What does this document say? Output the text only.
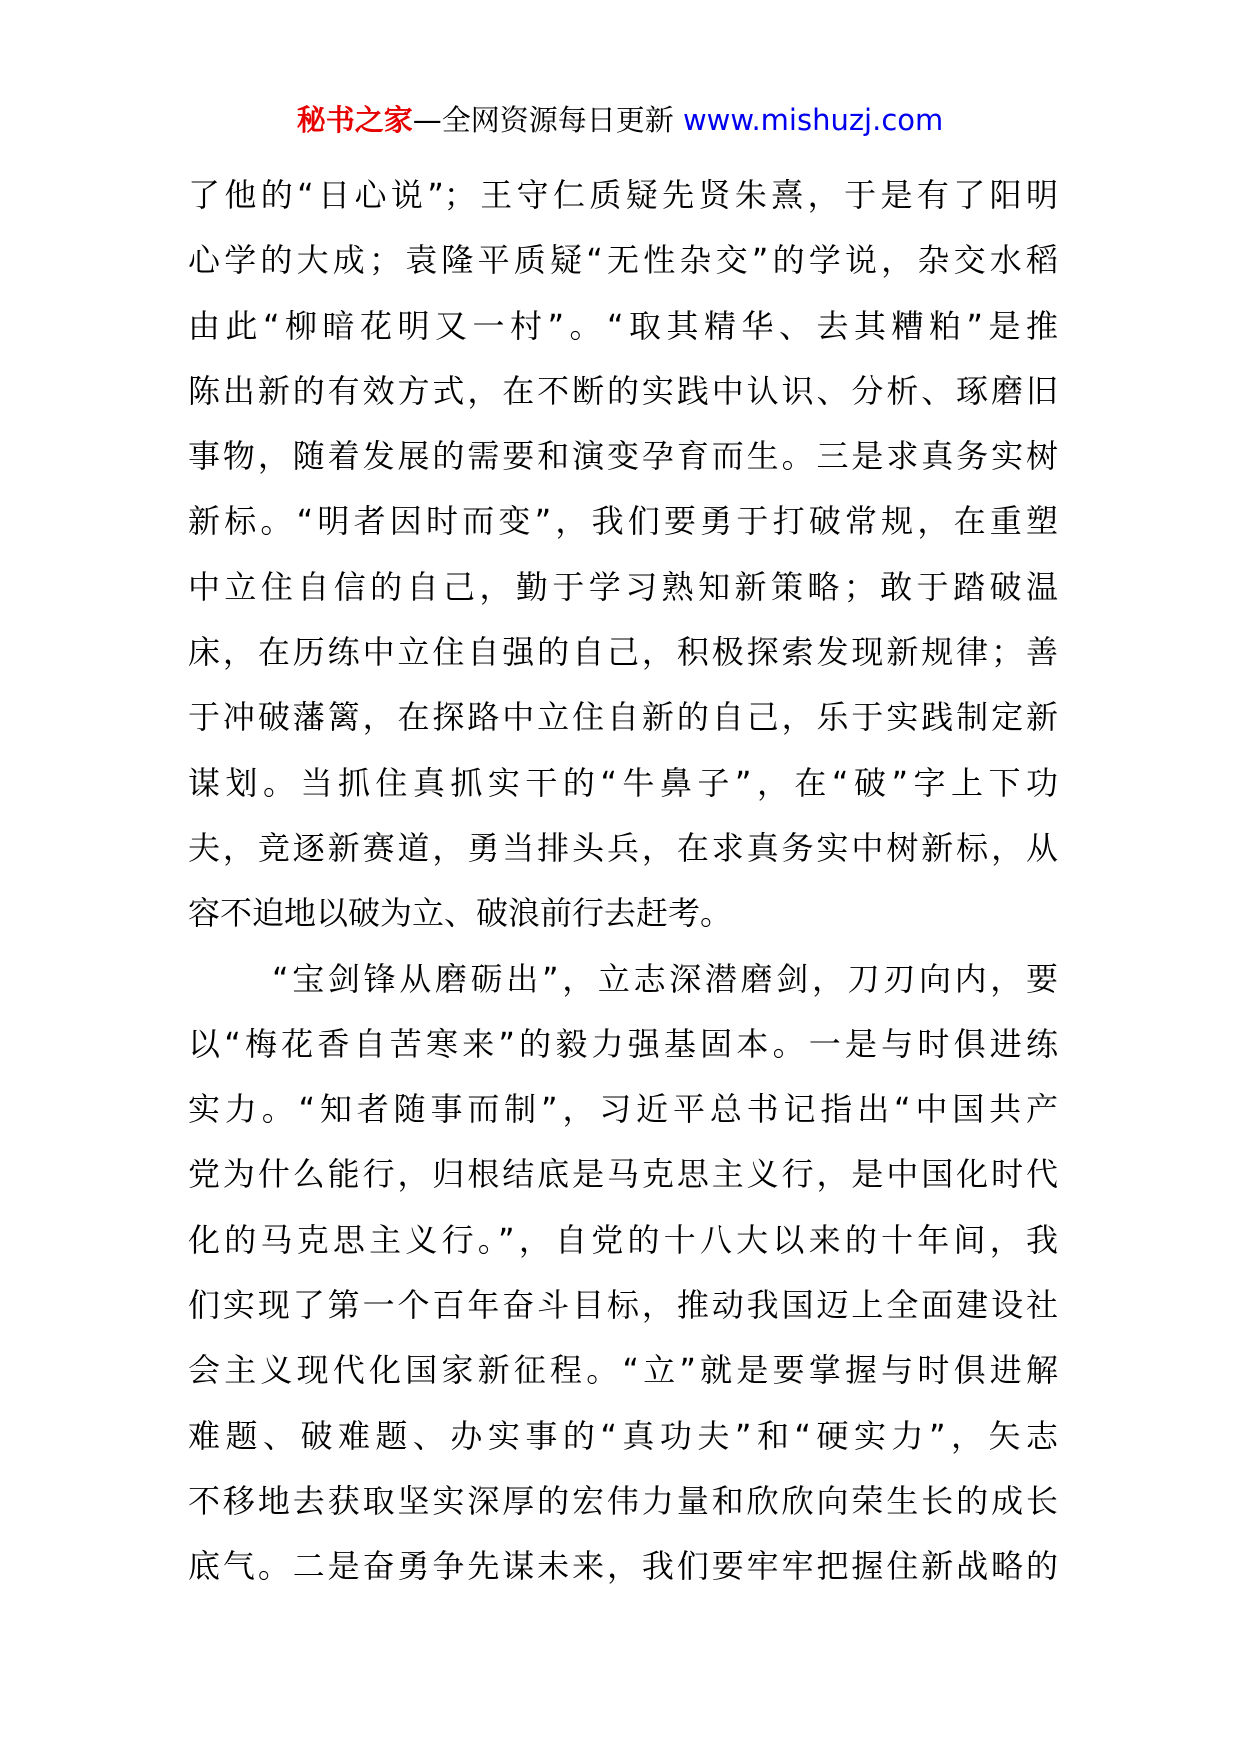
秘书之家—全网资源每日更新 www.mishuzj.com
了他的“日心说”；王守仁质疑先贤朱熹，于是有了阳明
心学的大成；袁隆平质疑“无性杂交”的学说，杂交水稻
由此“柳暗花明又一村”。“取其精华、去其糟粕”是推
陈出新的有效方式，在不断的实践中认识、分析、琢磨旧
事物，随着发展的需要和演变孕育而生。三是求真务实树
新标。“明者因时而变”，我们要勇于打破常规，在重塑
中立住自信的自己，勤于学习熟知新策略；敢于踏破温
床，在历练中立住自强的自己，积极探索发现新规律；善
于冲破藩篱，在探路中立住自新的自己，乐于实践制定新
谋划。当抓住真抓实干的“牛鼻子”，在“破”字上下功
夫，竞逐新赛道，勇当排头兵，在求真务实中树新标，从
容不迫地以破为立、破浪前行去赶考。
“宝剑锋从磨砺出”，立志深潜磨剑，刀刃向内，要
以“梅花香自苦寒来”的毅力强基固本。一是与时俱进练
实力。“知者随事而制”，习近平总书记指出“中国共产
党为什么能行，归根结底是马克思主义行，是中国化时代
化的马克思主义行。”，自党的十八大以来的十年间，我
们实现了第一个百年奋斗目标，推动我国迈上全面建设社
会主义现代化国家新征程。“立”就是要掌握与时俱进解
难题、破难题、办实事的“真功夫”和“硬实力”，矢志
不移地去获取坚实深厚的宏伟力量和欣欣向荣生长的成长
底气。二是奋勇争先谋未来，我们要牢牢把握住新战略的
